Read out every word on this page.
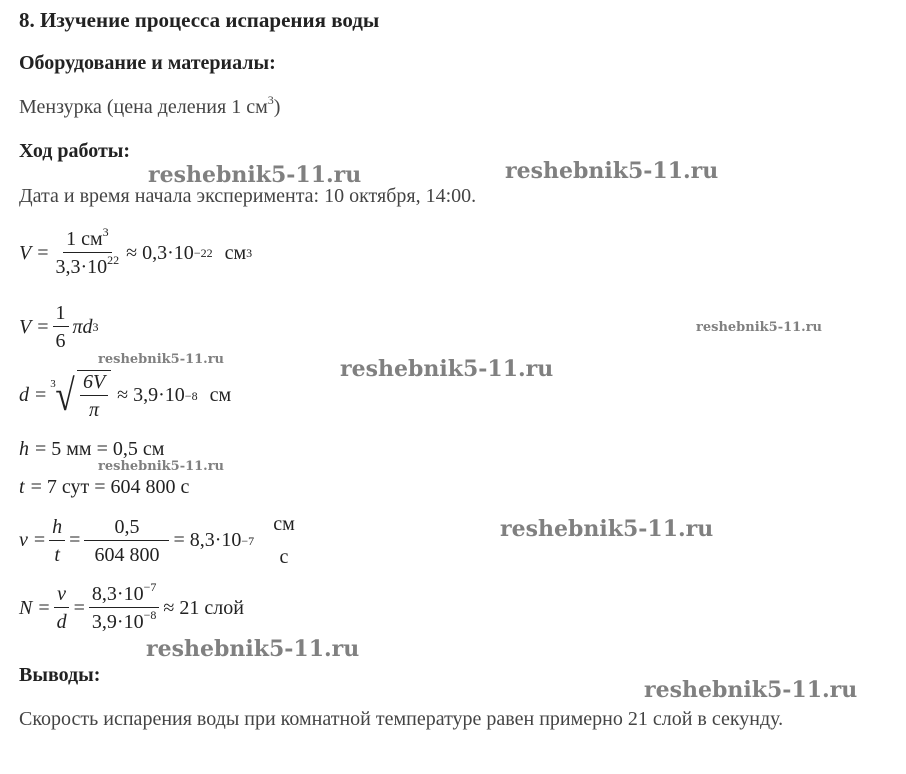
8. Изучение процесса испарения воды
Оборудование и материалы:
Мензурка (цена деления 1 $см^3$)
Ход работы:
Дата и время начала эксперимента: 10 октября, 14:00.
$V = \frac{1 см^3}{3,3\cdot 10^{22}} \approx 0,3\cdot 10 -22$ см 3
$V = \frac{1}{6}$ πd 3
d =
3 √ $\frac{6V}{\pi} \approx 3,9\cdot 10 -8$ см
h = 5 мм = 0,5 см
t = 7 сут = 604 800 с
$v = \frac{h}{t} = \frac{0,5}{604 800} = 8,3\cdot 10 -7$
см
с
$N = \frac{v}{d} = \frac{8,3\cdot 10^{-7}}{3,9\cdot 10^{-8}} \approx 21$ слой
Выводы:
Скорость испарения воды при комнатной температуре равен примерно 21 слой в секунду.
reshebnik5-11.ru	reshebnik5-11.ru
reshebnik5-11.ru
reshebnik5-11.ru	reshebnik5-11.ru
reshebnik5-11.ru
reshebnik5-11.ru
reshebnik5-11.ru
reshebnik5-11.ru
